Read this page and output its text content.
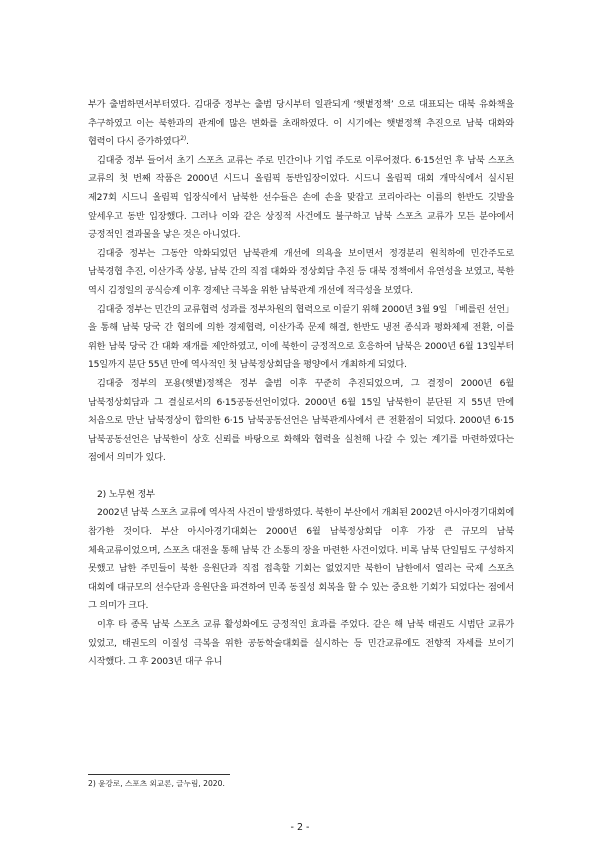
부가 출범하면서부터였다. 김대중 정부는 출범 당시부터 일관되게 ‘햇볕정책’ 으로 대표되는 대북 유화책을 추구하였고 이는 북한과의 관계에 많은 변화를 초래하였다. 이 시기에는 햇볕정책 추진으로 남북 대화와 협력이 다시 증가하였다$^{2)}$.

김대중 정부 들어서 초기 스포츠 교류는 주로 민간이나 기업 주도로 이루어졌다. 6·15선언 후 남북 스포츠 교류의 첫 번째 작품은 2000년 시드니 올림픽 동반입장이었다. 시드니 올림픽 대회 개막식에서 실시된 제27회 시드니 올림픽 입장식에서 남북한 선수들은 손에 손을 맞잡고 코리아라는 이름의 한반도 깃발을 앞세우고 동반 입장했다. 그러나 이와 같은 상징적 사건에도 불구하고 남북 스포츠 교류가 모든 분야에서 긍정적인 결과물을 낳은 것은 아니었다.

김대중 정부는 그동안 악화되었던 남북관계 개선에 의욕을 보이면서 정경분리 원칙하에 민간주도로 남북경협 추진, 이산가족 상봉, 남북 간의 직접 대화와 정상회담 추진 등 대북 정책에서 유연성을 보였고, 북한 역시 김정일의 공식승계 이후 경제난 극복을 위한 남북관계 개선에 적극성을 보였다.

김대중 정부는 민간의 교류협력 성과를 정부차원의 협력으로 이끌기 위해 2000년 3월 9일 「베를린 선언」을 통해 남북 당국 간 협의에 의한 경제협력, 이산가족 문제 해결, 한반도 냉전 종식과 평화체제 전환, 이를 위한 남북 당국 간 대화 재개를 제안하였고, 이에 북한이 긍정적으로 호응하여 남북은 2000년 6월 13일부터 15일까지 분단 55년 만에 역사적인 첫 남북정상회담을 평양에서 개최하게 되었다.

김대중 정부의 포용(햇볕)정책은 정부 출범 이후 꾸준히 추진되었으며, 그 결정이 2000년 6월 남북정상회담과 그 결실로서의 6·15공동선언이었다. 2000년 6월 15일 남북한이 분단된 지 55년 만에 처음으로 만난 남북정상이 합의한 6·15 남북공동선언은 남북관계사에서 큰 전환점이 되었다. 2000년 6·15 남북공동선언은 남북한이 상호 신뢰를 바탕으로 화해와 협력을 실천해 나갈 수 있는 계기를 마련하였다는 점에서 의미가 있다.

2) 노무현 정부

2002년 남북 스포츠 교류에 역사적 사건이 발생하였다. 북한이 부산에서 개최된 2002년 아시아경기대회에 참가한 것이다. 부산 아시아경기대회는 2000년 6월 남북정상회담 이후 가장 큰 규모의 남북 체육교류이었으며, 스포츠 대전을 통해 남북 간 소통의 장을 마련한 사건이었다. 비록 남북 단일팀도 구성하지 못했고 남한 주민들이 북한 응원단과 직접 접촉할 기회는 없었지만 북한이 남한에서 열리는 국제 스포츠 대회에 대규모의 선수단과 응원단을 파견하여 민족 동질성 회복을 할 수 있는 중요한 기회가 되었다는 점에서 그 의미가 크다.

이후 타 종목 남북 스포츠 교류 활성화에도 긍정적인 효과를 주었다. 같은 해 남북 태권도 시범단 교류가 있었고, 태권도의 이질성 극복을 위한 공동학술대회를 실시하는 등 민간교류에도 전향적 자세를 보이기 시작했다. 그 후 2003년 대구 유니

2) 윤강로, 스포츠 외교론, 글누림, 2020.
- 2 -
